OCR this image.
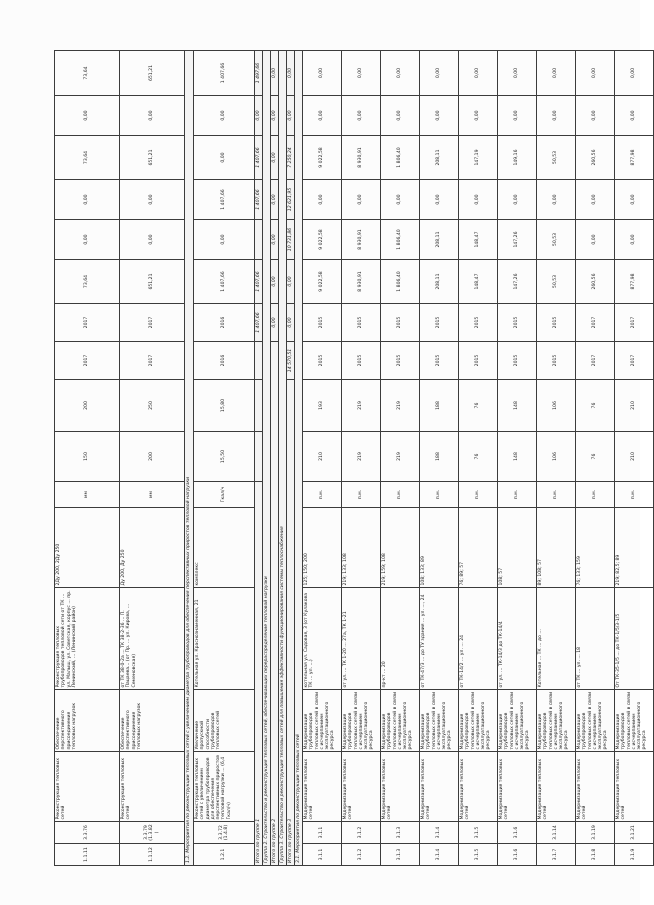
1.1.11	3.3.76	Реконструкция тепловых сетей	Обеспечение перспективного присоединения тепловых нагрузок	Реконструкция тепловых трубопроводов тепловой сети от ТК ... ул. Малыш, ул. Советская, корпус ... пр. Ленинский, ... (Ленинский район)	2Ду 200, 2Ду 250	мм	150	200	2017	2017	73,64	0,00	0,00	73,64	0,00	73,64
1.1.12	3.3.79 (1.3.82)	Реконструкция тепловых сетей	Обеспечение перспективного присоединения тепловых нагрузок	от ТК 38-0-2а ... ТК 38-2-36 ... П. Пацаева... (от Пр. ... ул. Кирова, ... Семеновская)	Ду 200, Ду 250	мм	200	250	2017	2017	651,21	0,00	0,00	651,21	0,00	651,21
1.2. Мероприятия по реконструкции тепловых сетей с увеличением диаметра трубопроводов для обеспечения перспективных приростов тепловой нагрузки																
1.2.1	3.3.72 (1.4.8)	Реконструкция тепловых сетей с увеличением диаметра трубопроводов для обеспечения перспективных приростов тепловой нагрузки ... (6,4 Гкал/ч)	Увеличение пропускной способности трубопроводов тепловых сетей	Котельная ул. Краснознаменная, 21	комплекс	Гкал/ч	15,50	15,80	2016	2016	1 407,66	0,00	1 407,66	0,00	0,00	1 407,66
Итого по группе 1										1 407,66	1 407,66		1 407,66	1 407,66	0,00	1 497,66
Группа 2. Строительство и реконструкция тепловых сетей, обеспечивающих перераспределение тепловой нагрузки																
Итого по группе 2										0,00	0,00	0,00	0,00	0,00	0,00	0,00
Группа 3. Строительство и реконструкция тепловых сетей для повышения эффективности функционирования системы теплоснабжения																
Итого по группе 3									14 570,51	0,00	0,00	10 731,86	12 621,95	7 250,24	0,00	0,00
3.1. Мероприятия по реконструкции тепловых сетей																
3.1.1	3.1.1	Модернизация тепловых сетей	Модернизация трубопроводов тепловых сетей в связи с исчерпанием эксплуатационного ресурса	котельная ул. Садовая, 3 (от Кулакова ТК ... ул. ...)	125; 150; 200	п.м.	210	193	2015	2015	9 022,58	9 022,58	0,00	9 022,58	0,00	0,00
3.1.2	3.1.2	Модернизация тепловых сетей	Модернизация трубопроводов тепловых сетей в связи с исчерпанием эксплуатационного ресурса	от ул. ... ТК 1-20 ... 27а, ТК 1-21	219; 133; 108	п.м.	219	219	2015	2015	8 930,91	8 930,91	0,00	8 930,91	0,00	0,00
3.1.3	3.1.3	Модернизация тепловых сетей	Модернизация трубопроводов тепловых сетей в связи с исчерпанием эксплуатационного ресурса	пр-кт ... 20	219; 159; 108	п.м.	219	219	2015	2015	1 806,40	1 806,40	0,00	1 806,40	0,00	0,00
3.1.4	3.1.4	Модернизация тепловых сетей	Модернизация трубопроводов тепловых сетей в связи с исчерпанием эксплуатационного ресурса	от ТК-47/3 ... до ТУ здания ... ул. ..., 24	108; 133; 89	п.м.	188	188	2015	2015	208,11	208,11	0,00	208,11	0,00	0,00
3.1.5	3.1.5	Модернизация тепловых сетей	Модернизация трубопроводов тепловых сетей в связи с исчерпанием эксплуатационного ресурса	от ТК-14/2 ... ул. ... 24	76; 89; 57	п.м.	76	76	2015	2015	148,47	148,47	0,00	147,19	0,00	0,00
3.1.6	3.1.6	Модернизация тепловых сетей	Модернизация трубопроводов тепловых сетей в связи с исчерпанием эксплуатационного ресурса	от ул. ... ТК-14/3 до ТК-14/4	108; 57	п.м.	148	148	2015	2015	147,26	147,26	0,00	149,16	0,00	0,00
3.1.7	3.1.14	Модернизация тепловых сетей	Модернизация трубопроводов тепловых сетей в связи с исчерпанием эксплуатационного ресурса	Котельная ... ТК ... до ...	89; 108; 57	п.м.	106	106	2015	2015	50,53	50,53	0,00	50,53	0,00	0,00
3.1.8	3.1.19	Модернизация тепловых сетей	Модернизация трубопроводов тепловых сетей в связи с исчерпанием эксплуатационного ресурса	от ТК ... ул. ... 18	76; 133; 159	п.м.	76	76	2017	2017	260,56	0,00	0,00	260,56	0,00	0,00
3.1.9	3.1.21	Модернизация тепловых сетей	Модернизация трубопроводов тепловых сетей в связи с исчерпанием эксплуатационного ресурса	От ТК-35-1/5 ... до ТК-1/5/3-1/5	219; 82,5; 89	п.м.	210	210	2017	2017	877,98	0,00	0,00	877,98	0,00	0,00
